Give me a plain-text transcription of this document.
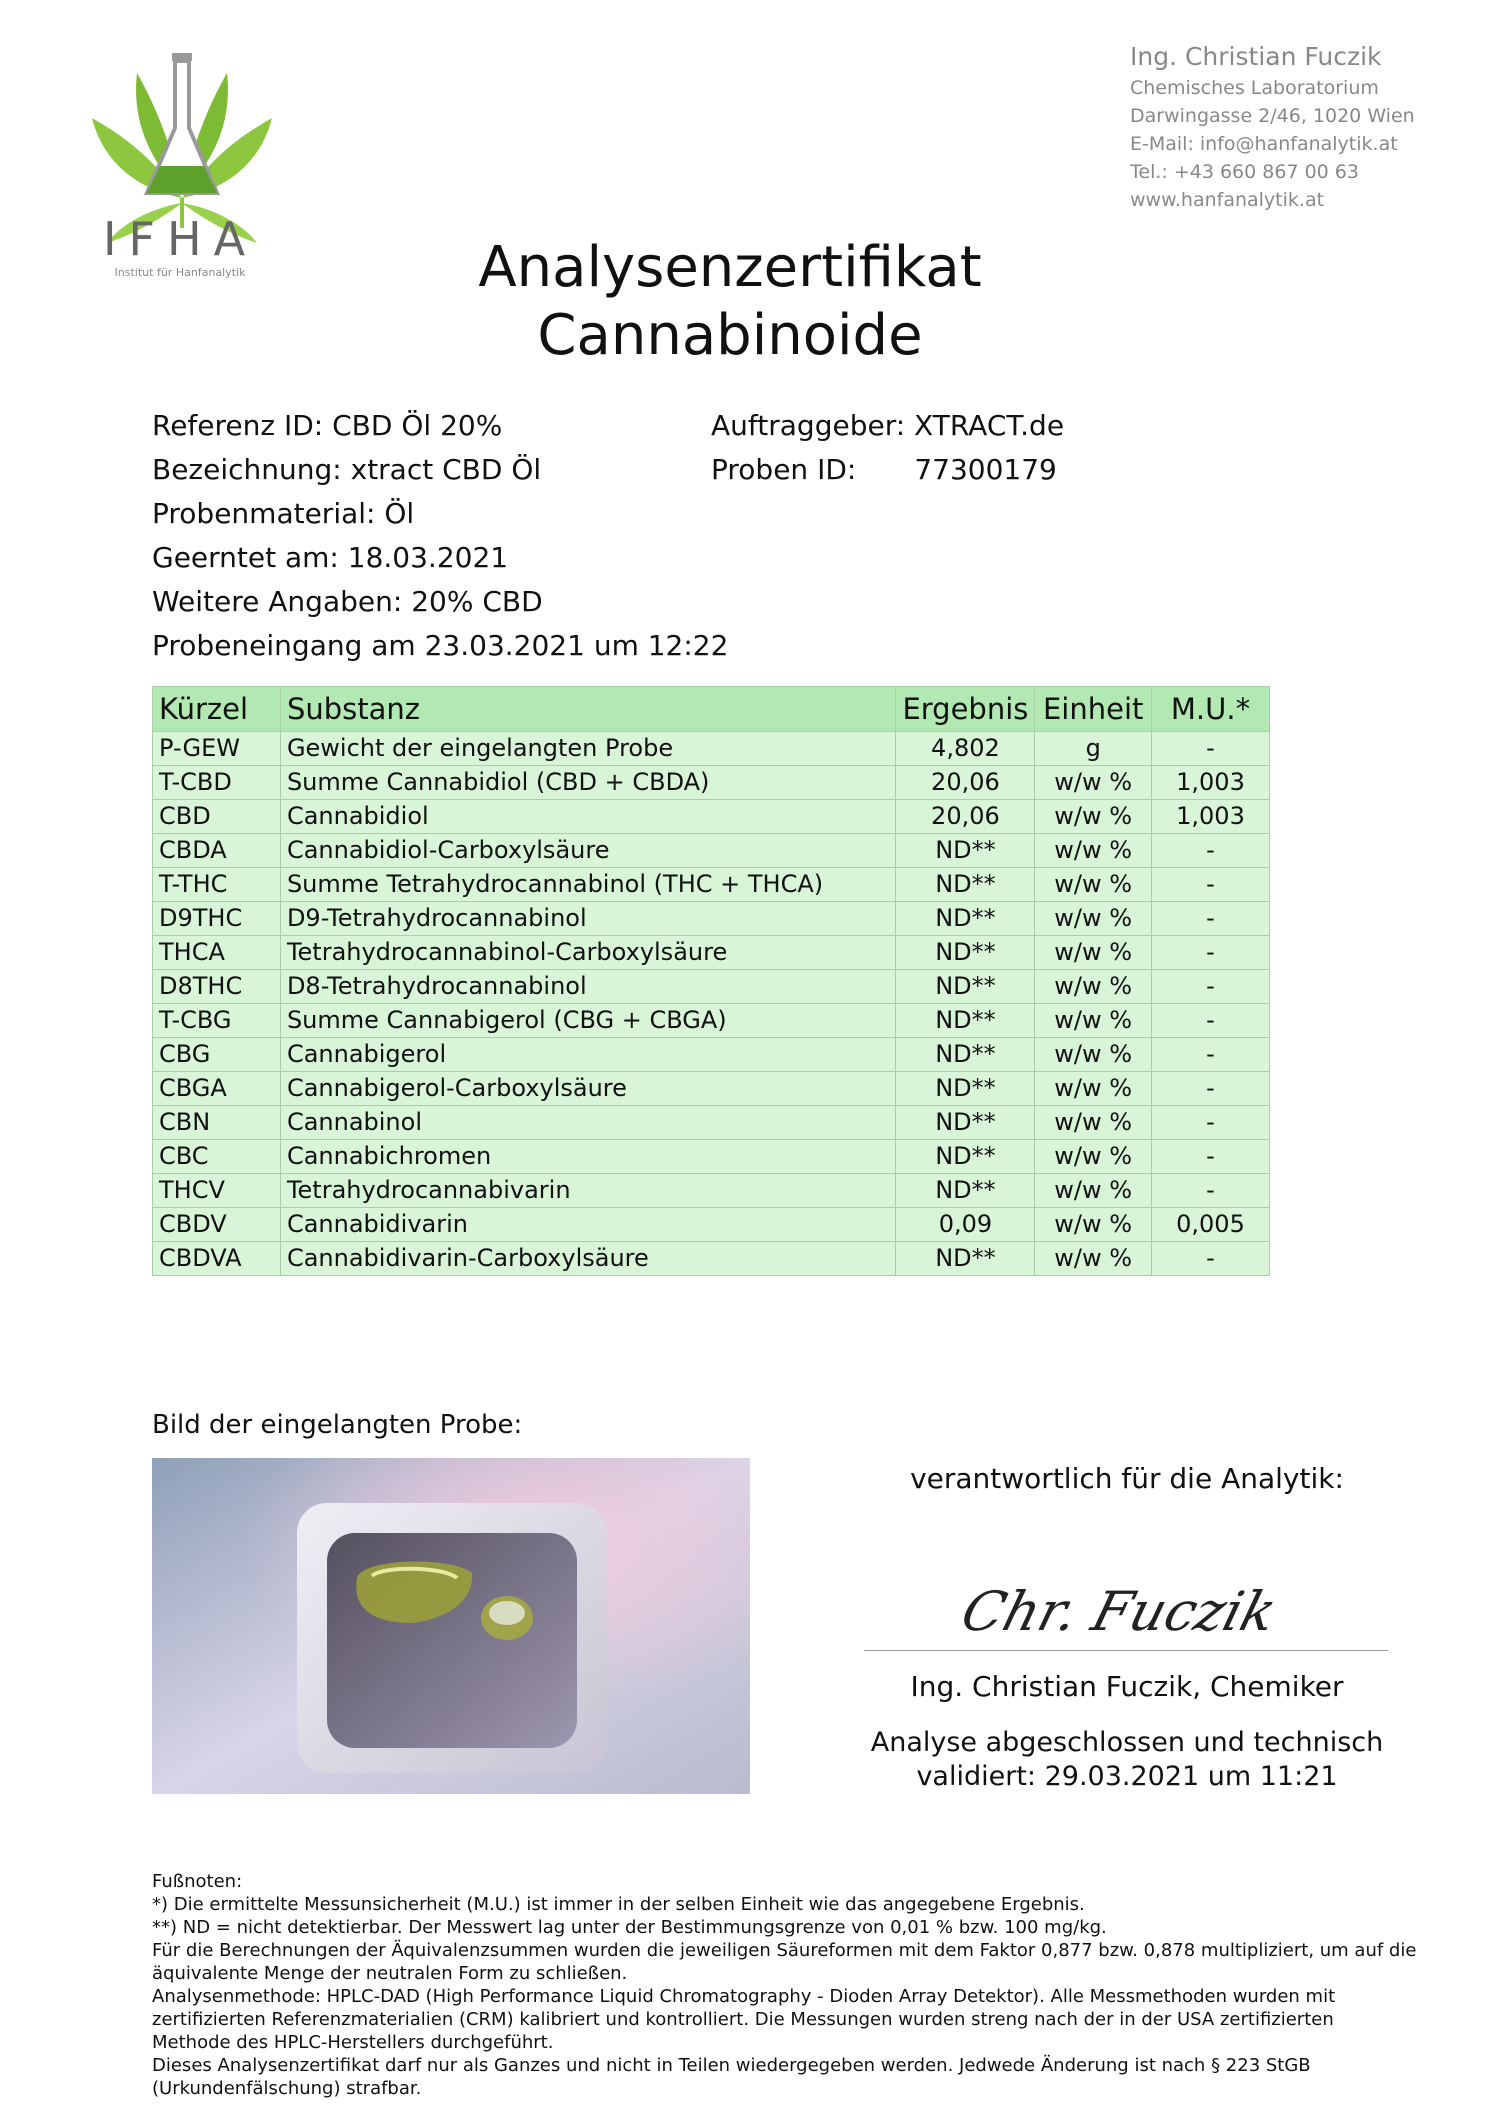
IFHA
Institut für Hanfanalytik
Ing. Christian Fuczik
Chemisches Laboratorium
Darwingasse 2/46, 1020 Wien
E-Mail: info@hanfanalytik.at
Tel.: +43 660 867 00 63
www.hanfanalytik.at
Analysenzertifikat
Cannabinoide
Referenz ID: CBD Öl 20%
Bezeichnung: xtract CBD Öl
Probenmaterial: Öl
Geerntet am: 18.03.2021
Weitere Angaben: 20% CBD
Probeneingang am 23.03.2021 um 12:22
Auftraggeber: XTRACT.de
Proben ID: 77300179
Kürzel	Substanz	Ergebnis	Einheit	M.U.*
P-GEW	Gewicht der eingelangten Probe	4,802	g	-
T-CBD	Summe Cannabidiol (CBD + CBDA)	20,06	w/w %	1,003
CBD	Cannabidiol	20,06	w/w %	1,003
CBDA	Cannabidiol-Carboxylsäure	ND**	w/w %	-
T-THC	Summe Tetrahydrocannabinol (THC + THCA)	ND**	w/w %	-
D9THC	D9-Tetrahydrocannabinol	ND**	w/w %	-
THCA	Tetrahydrocannabinol-Carboxylsäure	ND**	w/w %	-
D8THC	D8-Tetrahydrocannabinol	ND**	w/w %	-
T-CBG	Summe Cannabigerol (CBG + CBGA)	ND**	w/w %	-
CBG	Cannabigerol	ND**	w/w %	-
CBGA	Cannabigerol-Carboxylsäure	ND**	w/w %	-
CBN	Cannabinol	ND**	w/w %	-
CBC	Cannabichromen	ND**	w/w %	-
THCV	Tetrahydrocannabivarin	ND**	w/w %	-
CBDV	Cannabidivarin	0,09	w/w %	0,005
CBDVA	Cannabidivarin-Carboxylsäure	ND**	w/w %	-
Bild der eingelangten Probe:
verantwortlich für die Analytik:
Chr. Fuczik
Ing. Christian Fuczik, Chemiker
Analyse abgeschlossen und technisch
validiert: 29.03.2021 um 11:21

Fußnoten:

*) Die ermittelte Messunsicherheit (M.U.) ist immer in der selben Einheit wie das angegebene Ergebnis.

**) ND = nicht detektierbar. Der Messwert lag unter der Bestimmungsgrenze von 0,01 % bzw. 100 mg/kg.

Für die Berechnungen der Äquivalenzsummen wurden die jeweiligen Säureformen mit dem Faktor 0,877 bzw. 0,878 multipliziert, um auf die äquivalente Menge der neutralen Form zu schließen.

Analysenmethode: HPLC-DAD (High Performance Liquid Chromatography - Dioden Array Detektor). Alle Messmethoden wurden mit zertifizierten Referenzmaterialien (CRM) kalibriert und kontrolliert. Die Messungen wurden streng nach der in der USA zertifizierten Methode des HPLC-Herstellers durchgeführt.

Dieses Analysenzertifikat darf nur als Ganzes und nicht in Teilen wiedergegeben werden. Jedwede Änderung ist nach § 223 StGB (Urkundenfälschung) strafbar.
